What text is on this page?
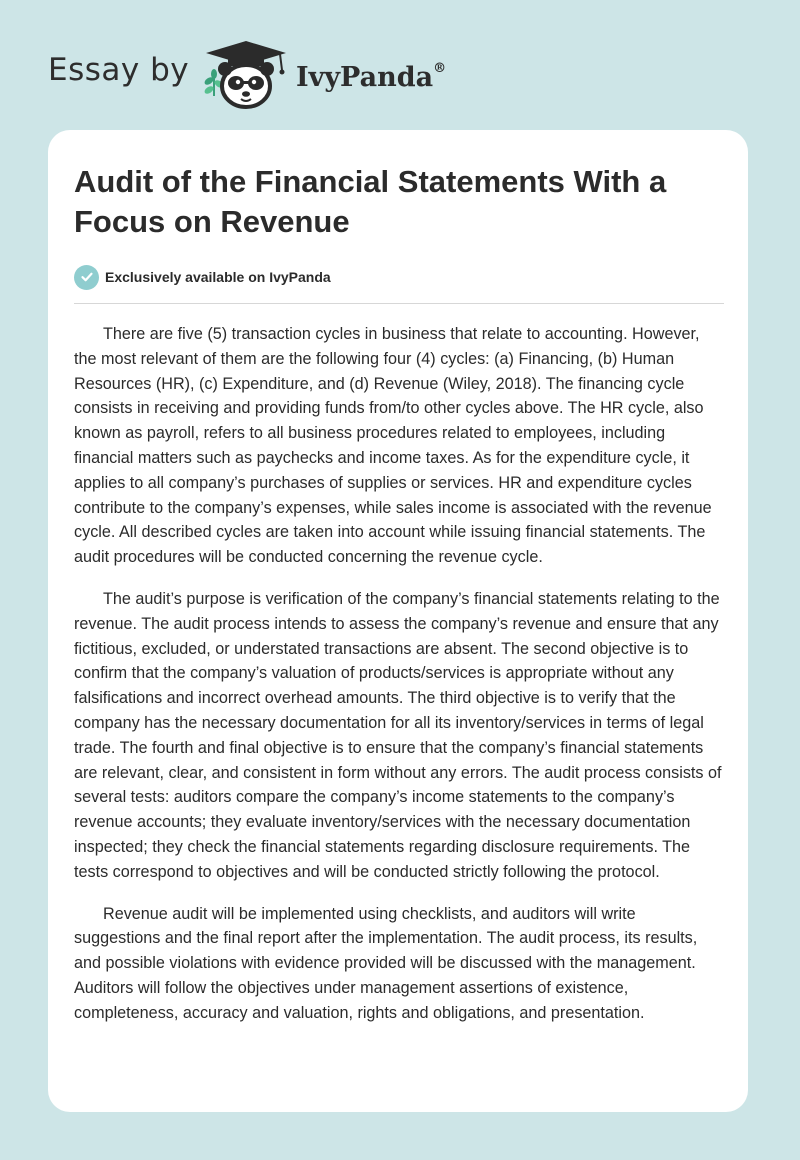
Essay by	IvyPanda®
Audit of the Financial Statements With a Focus on Revenue
Exclusively available on IvyPanda

There are five (5) transaction cycles in business that relate to accounting. However, the most relevant of them are the following four (4) cycles: (a) Financing, (b) Human Resources (HR), (c) Expenditure, and (d) Revenue (Wiley, 2018). The financing cycle consists in receiving and providing funds from/to other cycles above. The HR cycle, also known as payroll, refers to all business procedures related to employees, including financial matters such as paychecks and income taxes. As for the expenditure cycle, it applies to all company’s purchases of supplies or services. HR and expenditure cycles contribute to the company’s expenses, while sales income is associated with the revenue cycle. All described cycles are taken into account while issuing financial statements. The audit procedures will be conducted concerning the revenue cycle.

The audit’s purpose is verification of the company’s financial statements relating to the revenue. The audit process intends to assess the company’s revenue and ensure that any fictitious, excluded, or understated transactions are absent. The second objective is to confirm that the company’s valuation of products/services is appropriate without any falsifications and incorrect overhead amounts. The third objective is to verify that the company has the necessary documentation for all its inventory/services in terms of legal trade. The fourth and final objective is to ensure that the company’s financial statements are relevant, clear, and consistent in form without any errors. The audit process consists of several tests: auditors compare the company’s income statements to the company’s revenue accounts; they evaluate inventory/services with the necessary documentation inspected; they check the financial statements regarding disclosure requirements. The tests correspond to objectives and will be conducted strictly following the protocol.

Revenue audit will be implemented using checklists, and auditors will write suggestions and the final report after the implementation. The audit process, its results, and possible violations with evidence provided will be discussed with the management. Auditors will follow the objectives under management assertions of existence, completeness, accuracy and valuation, rights and obligations, and presentation.
